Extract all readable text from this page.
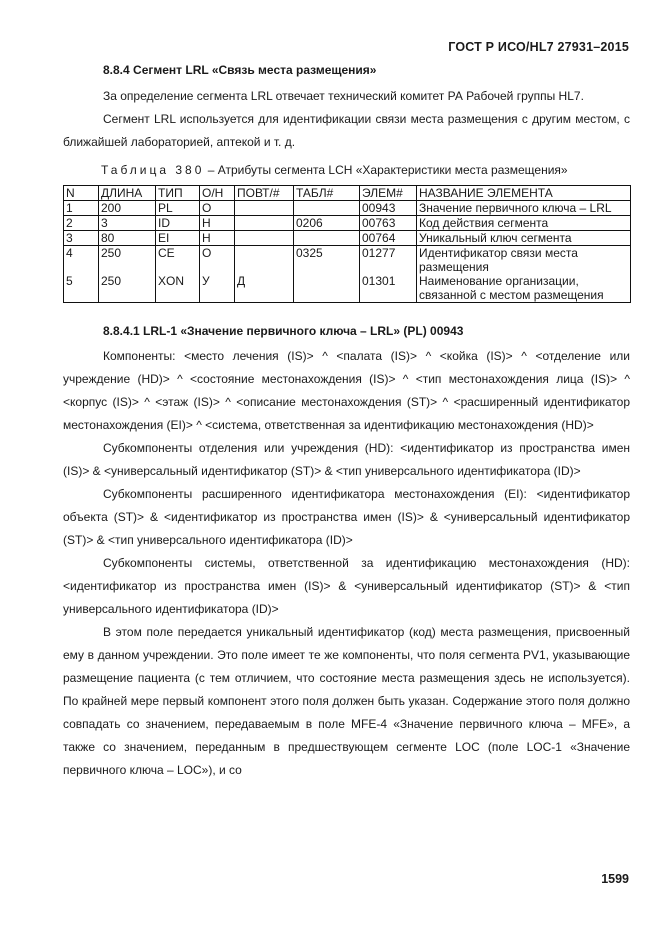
ГОСТ Р ИСО/HL7 27931–2015
8.8.4 Сегмент LRL «Связь места размещения»

За определение сегмента LRL отвечает технический комитет РА Рабочей группы HL7.

Сегмент LRL используется для идентификации связи места размещения с другим местом, с ближайшей лабораторией, аптекой и т. д.

Таблица 380 – Атрибуты сегмента LCH «Характеристики места размещения»
N	ДЛИНА	ТИП	О/Н	ПОВТ/#	ТАБЛ#	ЭЛЕМ#	НАЗВАНИЕ ЭЛЕМЕНТА
1	200	PL	О			00943	Значение первичного ключа – LRL
2	3	ID	Н		0206	00763	Код действия сегмента
3	80	EI	Н			00764	Уникальный ключ сегмента
4	250	CE	О		0325	01277	Идентификатор связи места размещения
5	250	XON	У	Д		01301	Наименование организации, связанной с местом размещения
8.8.4.1 LRL-1 «Значение первичного ключа – LRL» (PL) 00943

Компоненты: <место лечения (IS)> ^ <палата (IS)> ^ <койка (IS)> ^ <отделение или учреждение (HD)> ^ <состояние местонахождения (IS)> ^ <тип местонахождения лица (IS)> ^ <корпус (IS)> ^ <этаж (IS)> ^ <описание местонахождения (ST)> ^ <расширенный идентификатор местонахождения (EI)> ^ <система, ответственная за идентификацию местонахождения (HD)>

Субкомпоненты отделения или учреждения (HD): <идентификатор из пространства имен (IS)> & <универсальный идентификатор (ST)> & <тип универсального идентификатора (ID)>

Субкомпоненты расширенного идентификатора местонахождения (EI): <идентификатор объекта (ST)> & <идентификатор из пространства имен (IS)> & <универсальный идентификатор (ST)> & <тип универсального идентификатора (ID)>

Субкомпоненты системы, ответственной за идентификацию местонахождения (HD): <идентификатор из пространства имен (IS)> & <универсальный идентификатор (ST)> & <тип универсального идентификатора (ID)>

В этом поле передается уникальный идентификатор (код) места размещения, присвоенный ему в данном учреждении. Это поле имеет те же компоненты, что поля сегмента PV1, указывающие размещение пациента (с тем отличием, что состояние места размещения здесь не используется). По крайней мере первый компонент этого поля должен быть указан. Содержание этого поля должно совпадать со значением, передаваемым в поле MFE-4 «Значение первичного ключа – MFE», а также со значением, переданным в предшествующем сегменте LOC (поле LOC-1 «Значение первичного ключа – LOC»), и со

1599
